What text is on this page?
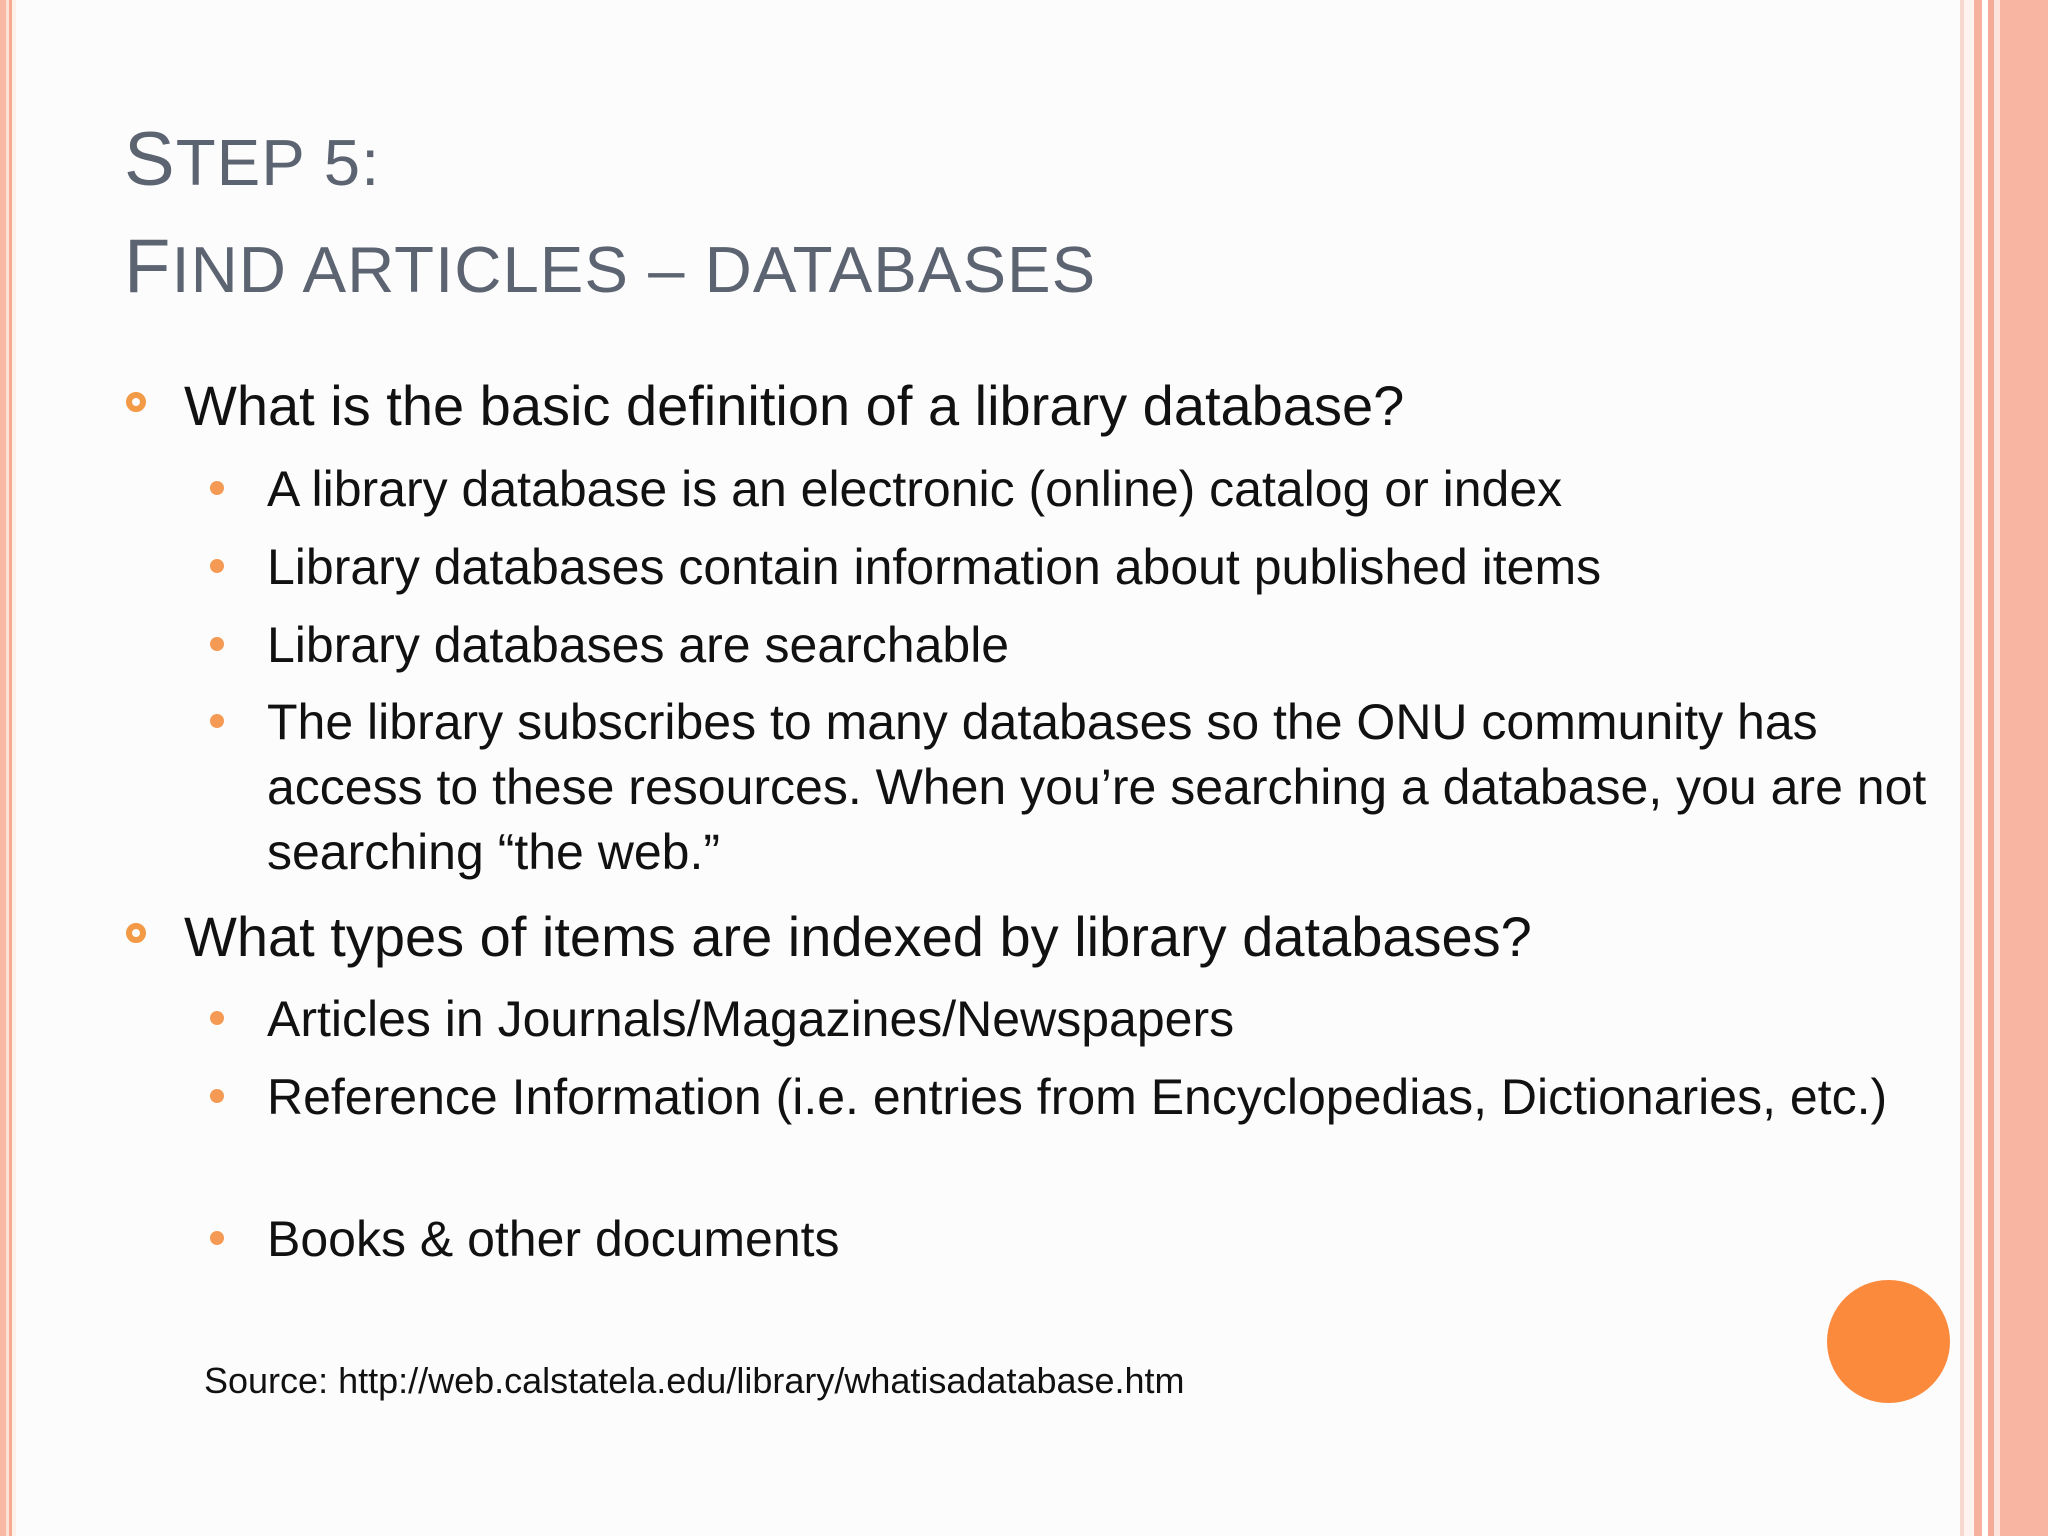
STEP 5:
FIND ARTICLES – DATABASES
What is the basic definition of a library database?
A library database is an electronic (online) catalog or index
Library databases contain information about published items
Library databases are searchable
The library subscribes to many databases so the ONU community has access to these resources. When you’re searching a database, you are not searching “the web.”
What types of items are indexed by library databases?
Articles in Journals/Magazines/Newspapers
Reference Information (i.e. entries from Encyclopedias, Dictionaries, etc.)
Books & other documents
Source: http://web.calstatela.edu/library/whatisadatabase.htm
